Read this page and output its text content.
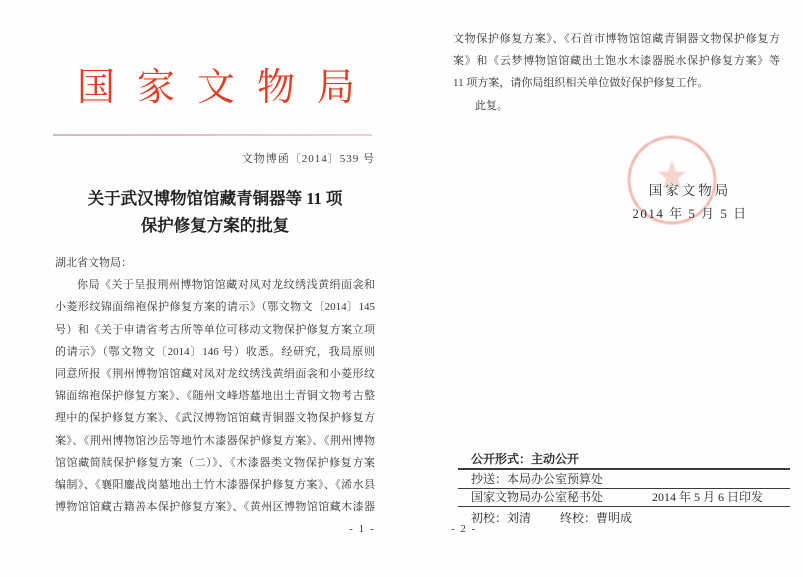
国家文物局
文物博函〔2014〕539 号
关于武汉博物馆馆藏青铜器等 11 项
保护修复方案的批复
湖北省文物局：
你局《关于呈报荆州博物馆馆藏对凤对龙纹绣浅黄绢面衾和
小菱形纹锦面绵袍保护修复方案的请示》（鄂文物文〔2014〕145
号）和《关于申请省考古所等单位可移动文物保护修复方案立项
的请示》（鄂文物文〔2014〕146 号）收悉。经研究，我局原则
同意所报《荆州博物馆馆藏对凤对龙纹绣浅黄绢面衾和小菱形纹
锦面绵袍保护修复方案》、《随州文峰塔墓地出土青铜文物考古整
理中的保护修复方案》、《武汉博物馆馆藏青铜器文物保护修复方
案》、《荆州博物馆沙岳等地竹木漆器保护修复方案》、《荆州博物
馆馆藏简牍保护修复方案（二）》、《木漆器类文物保护修复方案
编制》、《襄阳鏖战岗墓地出土竹木漆器保护修复方案》、《浠水县
博物馆馆藏古籍善本保护修复方案》、《黄州区博物馆馆藏木漆器
- 1 -
文物保护修复方案》、《石首市博物馆馆藏青铜器文物保护修复方
案》和《云梦博物馆馆藏出土饱水木漆器脱水保护修复方案》等
11 项方案，请你局组织相关单位做好保护修复工作。
此复。
国家文物局
2014 年 5 月 5 日
公开形式：主动公开
抄送：本局办公室预算处
国家文物局办公室秘书处	2014 年 5 月 6 日印发
初校：刘清 终校：曹明成
- 2 -
